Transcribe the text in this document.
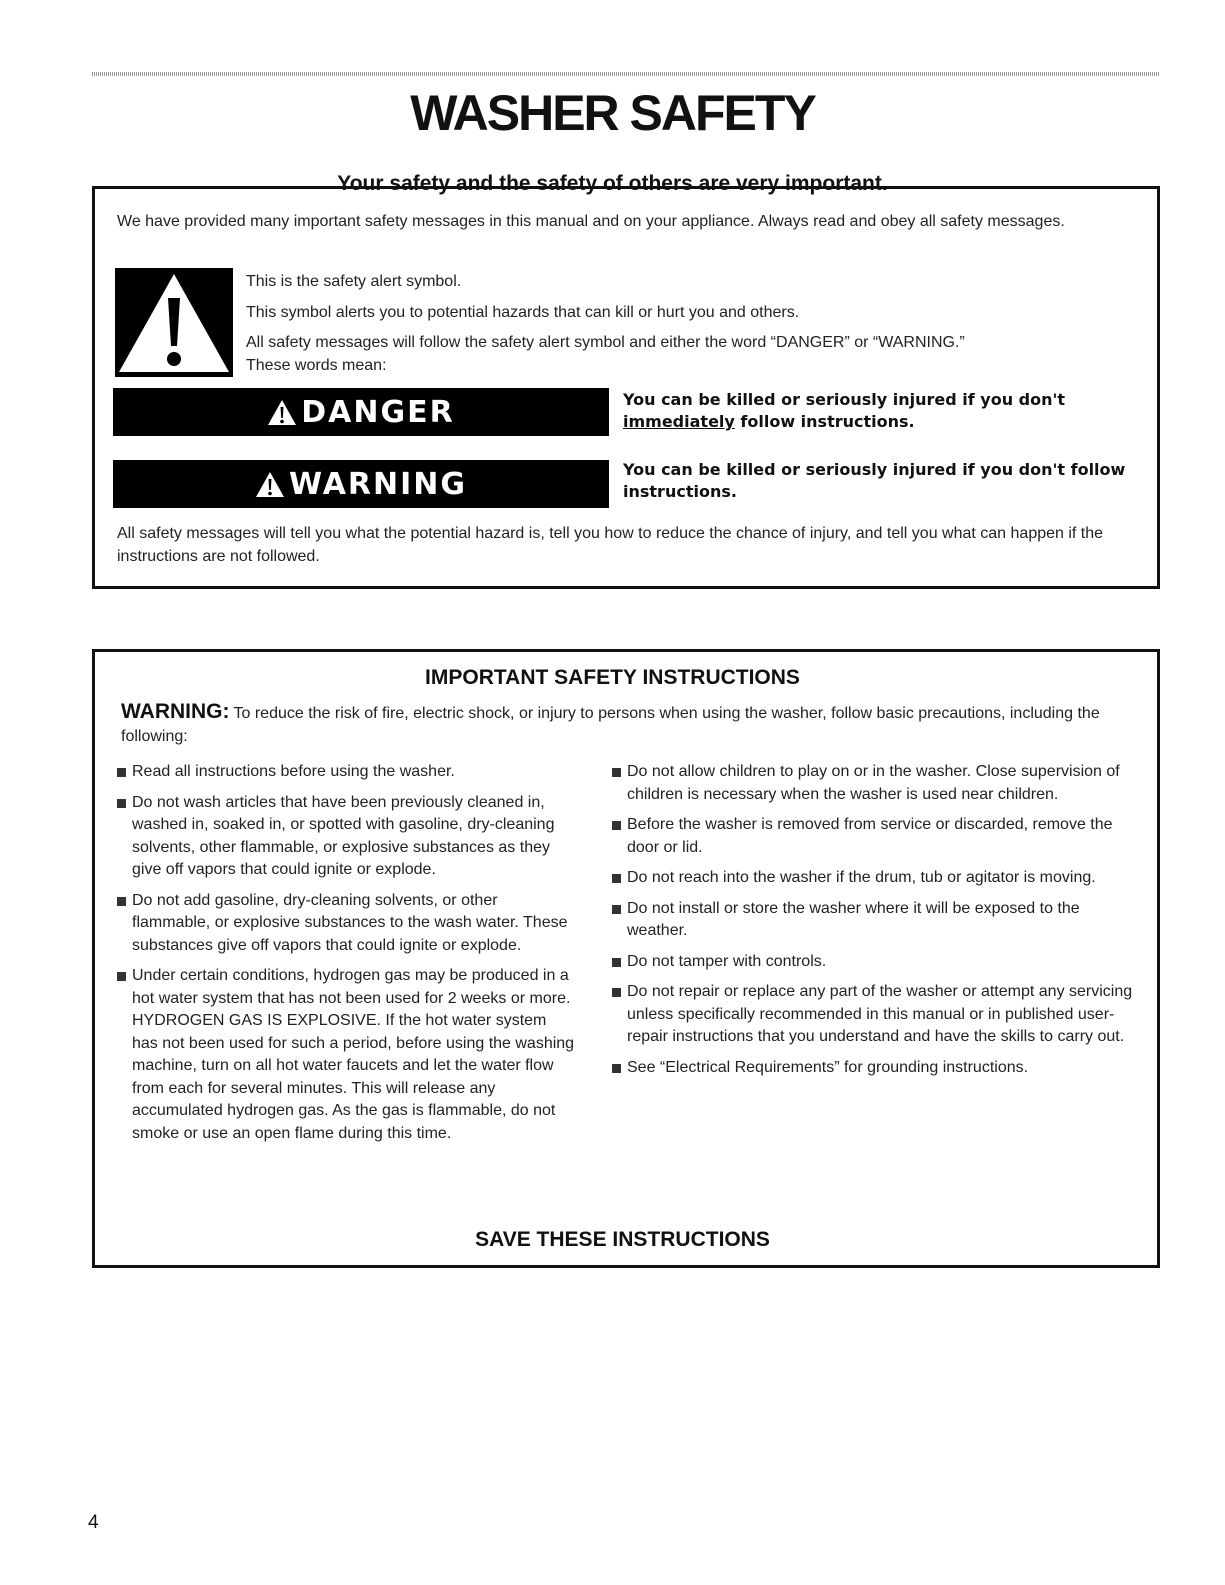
WASHER SAFETY
Your safety and the safety of others are very important.
We have provided many important safety messages in this manual and on your appliance. Always read and obey all safety messages.
This is the safety alert symbol.
This symbol alerts you to potential hazards that can kill or hurt you and others.
All safety messages will follow the safety alert symbol and either the word “DANGER” or “WARNING.”
These words mean:
DANGER	You can be killed or seriously injured if you don't immediately follow instructions.
WARNING	You can be killed or seriously injured if you don't follow instructions.
All safety messages will tell you what the potential hazard is, tell you how to reduce the chance of injury, and tell you what can happen if the instructions are not followed.
IMPORTANT SAFETY INSTRUCTIONS
WARNING: To reduce the risk of fire, electric shock, or injury to persons when using the washer, follow basic precautions, including the following:
Read all instructions before using the washer.
Do not wash articles that have been previously cleaned in, washed in, soaked in, or spotted with gasoline, dry-cleaning solvents, other flammable, or explosive substances as they give off vapors that could ignite or explode.
Do not add gasoline, dry-cleaning solvents, or other flammable, or explosive substances to the wash water. These substances give off vapors that could ignite or explode.
Under certain conditions, hydrogen gas may be produced in a hot water system that has not been used for 2 weeks or more. HYDROGEN GAS IS EXPLOSIVE. If the hot water system has not been used for such a period, before using the washing machine, turn on all hot water faucets and let the water flow from each for several minutes. This will release any accumulated hydrogen gas. As the gas is flammable, do not smoke or use an open flame during this time.
Do not allow children to play on or in the washer. Close supervision of children is necessary when the washer is used near children.
Before the washer is removed from service or discarded, remove the door or lid.
Do not reach into the washer if the drum, tub or agitator is moving.
Do not install or store the washer where it will be exposed to the weather.
Do not tamper with controls.
Do not repair or replace any part of the washer or attempt any servicing unless specifically recommended in this manual or in published user-repair instructions that you understand and have the skills to carry out.
See “Electrical Requirements” for grounding instructions.
SAVE THESE INSTRUCTIONS
4
